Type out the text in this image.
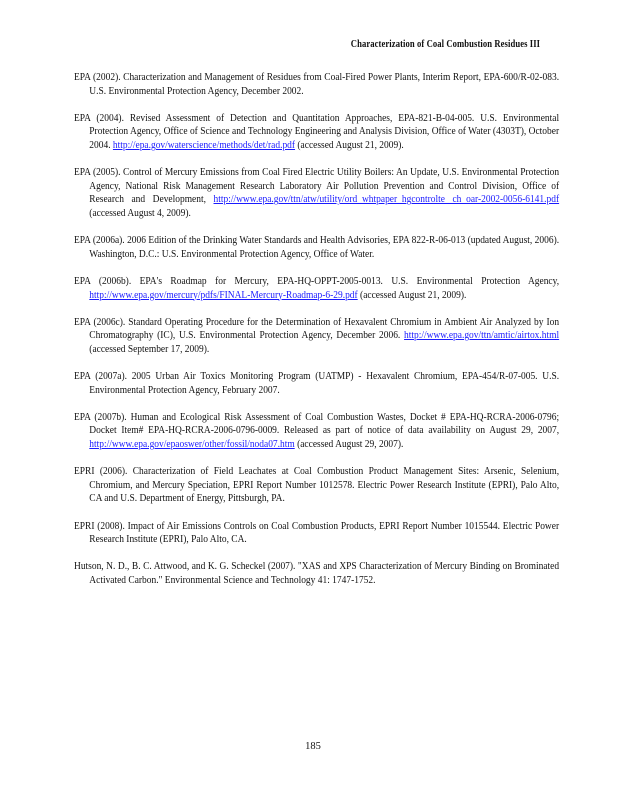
Characterization of Coal Combustion Residues III

EPA (2002). Characterization and Management of Residues from Coal-Fired Power Plants, Interim Report, EPA-600/R-02-083. U.S. Environmental Protection Agency, December 2002.

EPA (2004). Revised Assessment of Detection and Quantitation Approaches, EPA-821-B-04-005. U.S. Environmental Protection Agency, Office of Science and Technology Engineering and Analysis Division, Office of Water (4303T), October 2004. http://epa.gov/waterscience/methods/det/rad.pdf (accessed August 21, 2009).

EPA (2005). Control of Mercury Emissions from Coal Fired Electric Utility Boilers: An Update, U.S. Environmental Protection Agency, National Risk Management Research Laboratory Air Pollution Prevention and Control Division, Office of Research and Development, http://www.epa.gov/ttn/atw/utility/ord_whtpaper_hgcontrolte ch_oar-2002-0056-6141.pdf (accessed August 4, 2009).

EPA (2006a). 2006 Edition of the Drinking Water Standards and Health Advisories, EPA 822-R-06-013 (updated August, 2006). Washington, D.C.: U.S. Environmental Protection Agency, Office of Water.

EPA (2006b). EPA's Roadmap for Mercury, EPA-HQ-OPPT-2005-0013. U.S. Environmental Protection Agency, http://www.epa.gov/mercury/pdfs/FINAL-Mercury-Roadmap-6-29.pdf (accessed August 21, 2009).

EPA (2006c). Standard Operating Procedure for the Determination of Hexavalent Chromium in Ambient Air Analyzed by Ion Chromatography (IC), U.S. Environmental Protection Agency, December 2006. http://www.epa.gov/ttn/amtic/airtox.html (accessed September 17, 2009).

EPA (2007a). 2005 Urban Air Toxics Monitoring Program (UATMP) - Hexavalent Chromium, EPA-454/R-07-005. U.S. Environmental Protection Agency, February 2007.

EPA (2007b). Human and Ecological Risk Assessment of Coal Combustion Wastes, Docket # EPA-HQ-RCRA-2006-0796; Docket Item# EPA-HQ-RCRA-2006-0796-0009. Released as part of notice of data availability on August 29, 2007, http://www.epa.gov/epaoswer/other/fossil/noda07.htm (accessed August 29, 2007).

EPRI (2006). Characterization of Field Leachates at Coal Combustion Product Management Sites: Arsenic, Selenium, Chromium, and Mercury Speciation, EPRI Report Number 1012578. Electric Power Research Institute (EPRI), Palo Alto, CA and U.S. Department of Energy, Pittsburgh, PA.

EPRI (2008). Impact of Air Emissions Controls on Coal Combustion Products, EPRI Report Number 1015544. Electric Power Research Institute (EPRI), Palo Alto, CA.

Hutson, N. D., B. C. Attwood, and K. G. Scheckel (2007). "XAS and XPS Characterization of Mercury Binding on Brominated Activated Carbon." Environmental Science and Technology 41: 1747-1752.

185
